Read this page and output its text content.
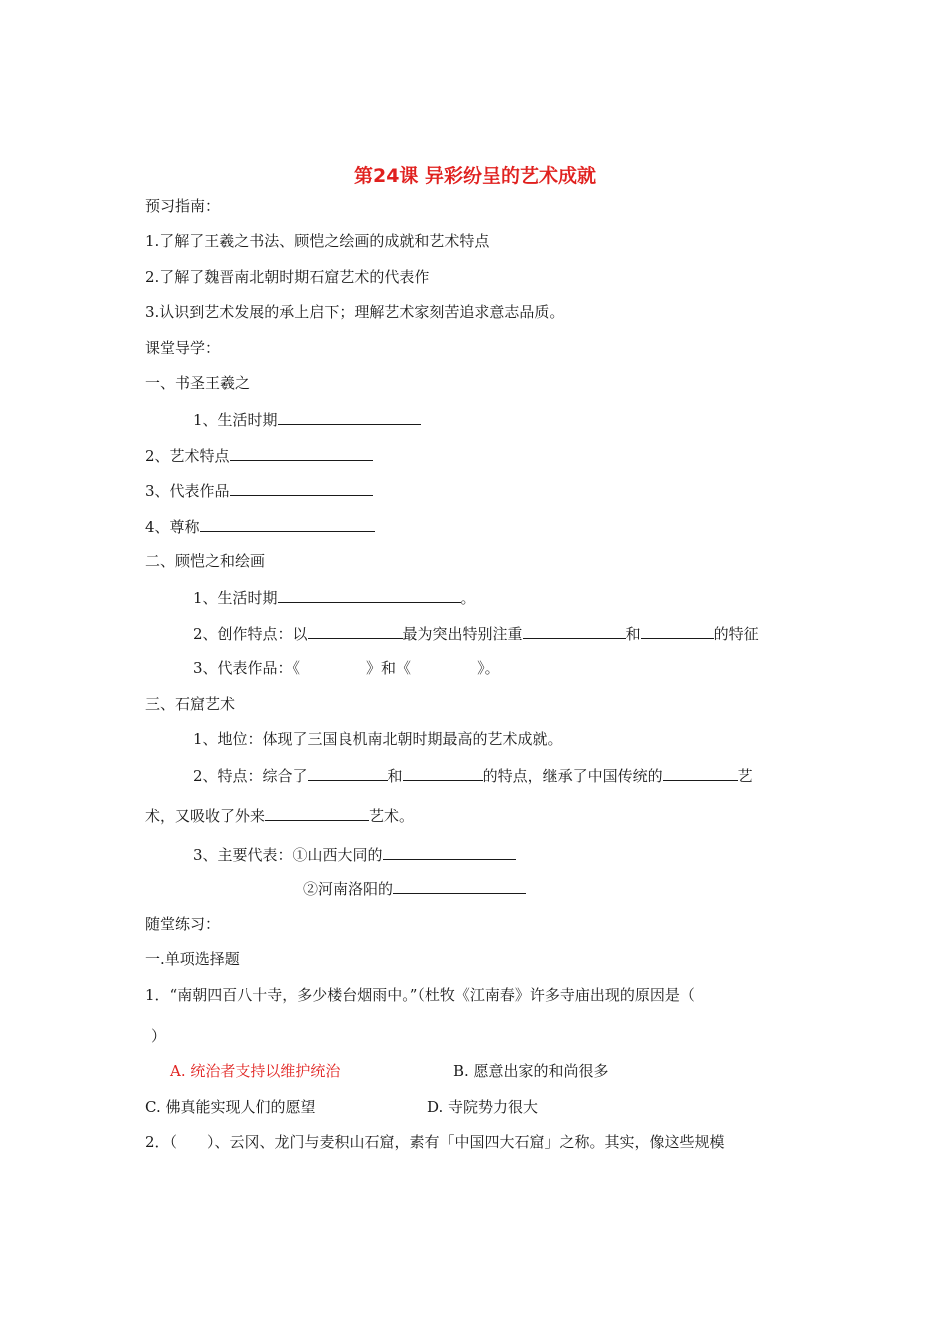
第24课 异彩纷呈的艺术成就
预习指南：
1.了解了王羲之书法、顾恺之绘画的成就和艺术特点
2.了解了魏晋南北朝时期石窟艺术的代表作
3.认识到艺术发展的承上启下；理解艺术家刻苦追求意志品质。
课堂导学：
一、书圣王羲之
1、生活时期
2、艺术特点
3、代表作品
4、尊称
二、顾恺之和绘画
1、生活时期	。
2、创作特点：以	最为突出特别注重	和	的特征
3、代表作品：《	》和《	》。
三、石窟艺术
1、地位：体现了三国良机南北朝时期最高的艺术成就。
2、特点：综合了	和	的特点，继承了中国传统的	艺
术，又吸收了外来	艺术。
3、主要代表：①山西大同的
②河南洛阳的
随堂练习：
一.单项选择题
1．“南朝四百八十寺，多少楼台烟雨中。”（杜牧《江南春》许多寺庙出现的原因是（
）
A. 统治者支持以维护统治	B. 愿意出家的和尚很多
C. 佛真能实现人们的愿望	D. 寺院势力很大
2．（　　）、云冈、龙门与麦积山石窟，素有「中国四大石窟」之称。其实，像这些规模
